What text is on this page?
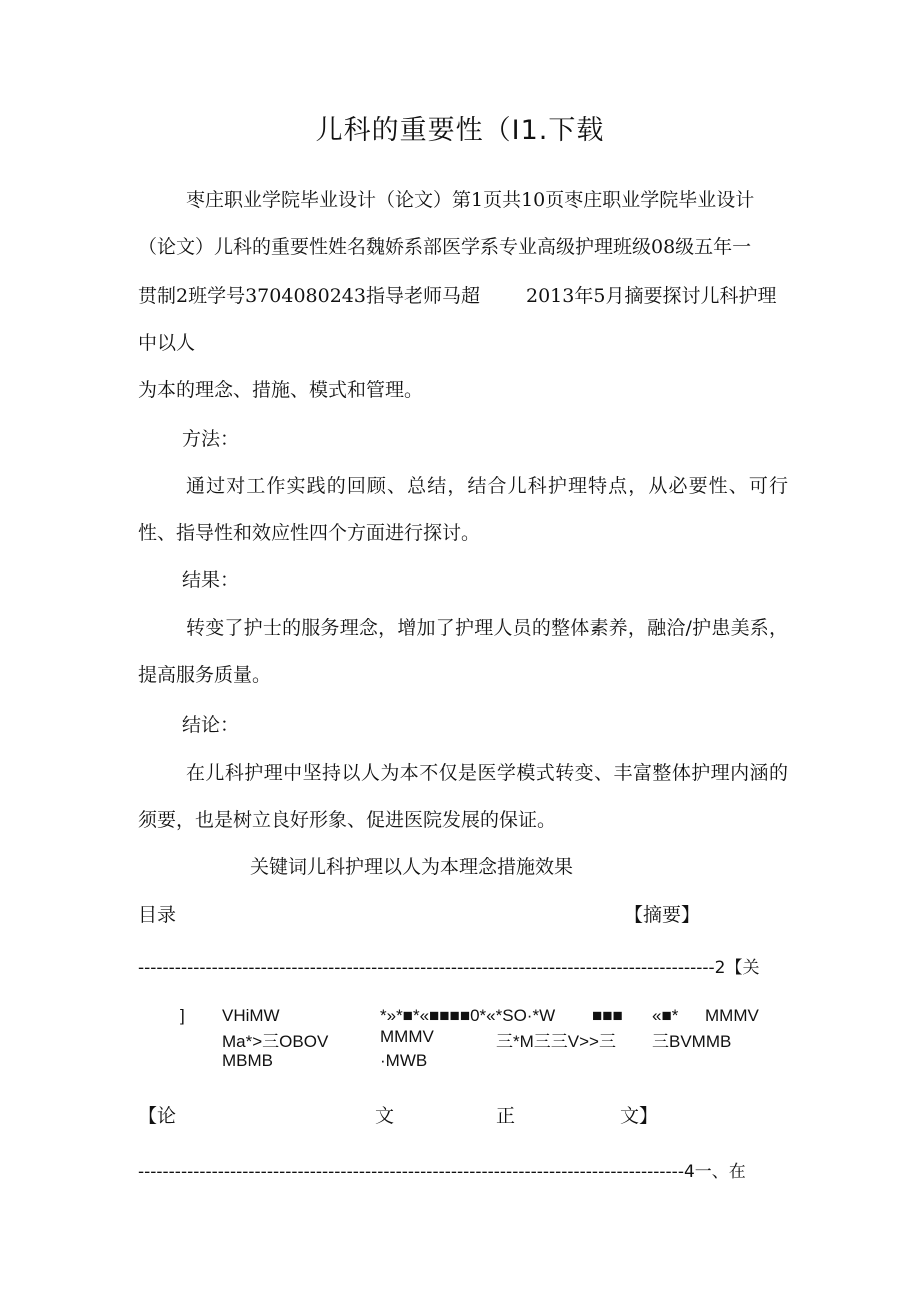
儿科的重要性（I1.下载
枣庄职业学院毕业设计（论文）第1页共10页枣庄职业学院毕业设计
（论文）儿科的重要性姓名魏娇系部医学系专业高级护理班级08级五年一
贯制2班学号3704080243指导老师马超 2013年5月摘要探讨儿科护理
中以人
为本的理念、措施、模式和管理。
方法：
通过对工作实践的回顾、总结，结合儿科护理特点，从必要性、可行性、指导性和效应性四个方面进行探讨。
结果：
转变了护士的服务理念，增加了护理人员的整体素养，融洽/护患美系，提高服务质量。
结论：
在儿科护理中坚持以人为本不仅是医学模式转变、丰富整体护理内涵的须要，也是树立良好形象、促进医院发展的保证。
关键词儿科护理以人为本理念措施效果
目录	【摘要】
----------------------------------------------------------------------------------------------2【关
] VHiMW	*»*■*«■■■■0*«*SO·*W ■■■ «■* MMMV
Ma*>三OBOV	MMMV	三*M三三V>>三 三BVMMB
MBMB	·MWB
【论	文	正	文】
-----------------------------------------------------------------------------------------4一、在
